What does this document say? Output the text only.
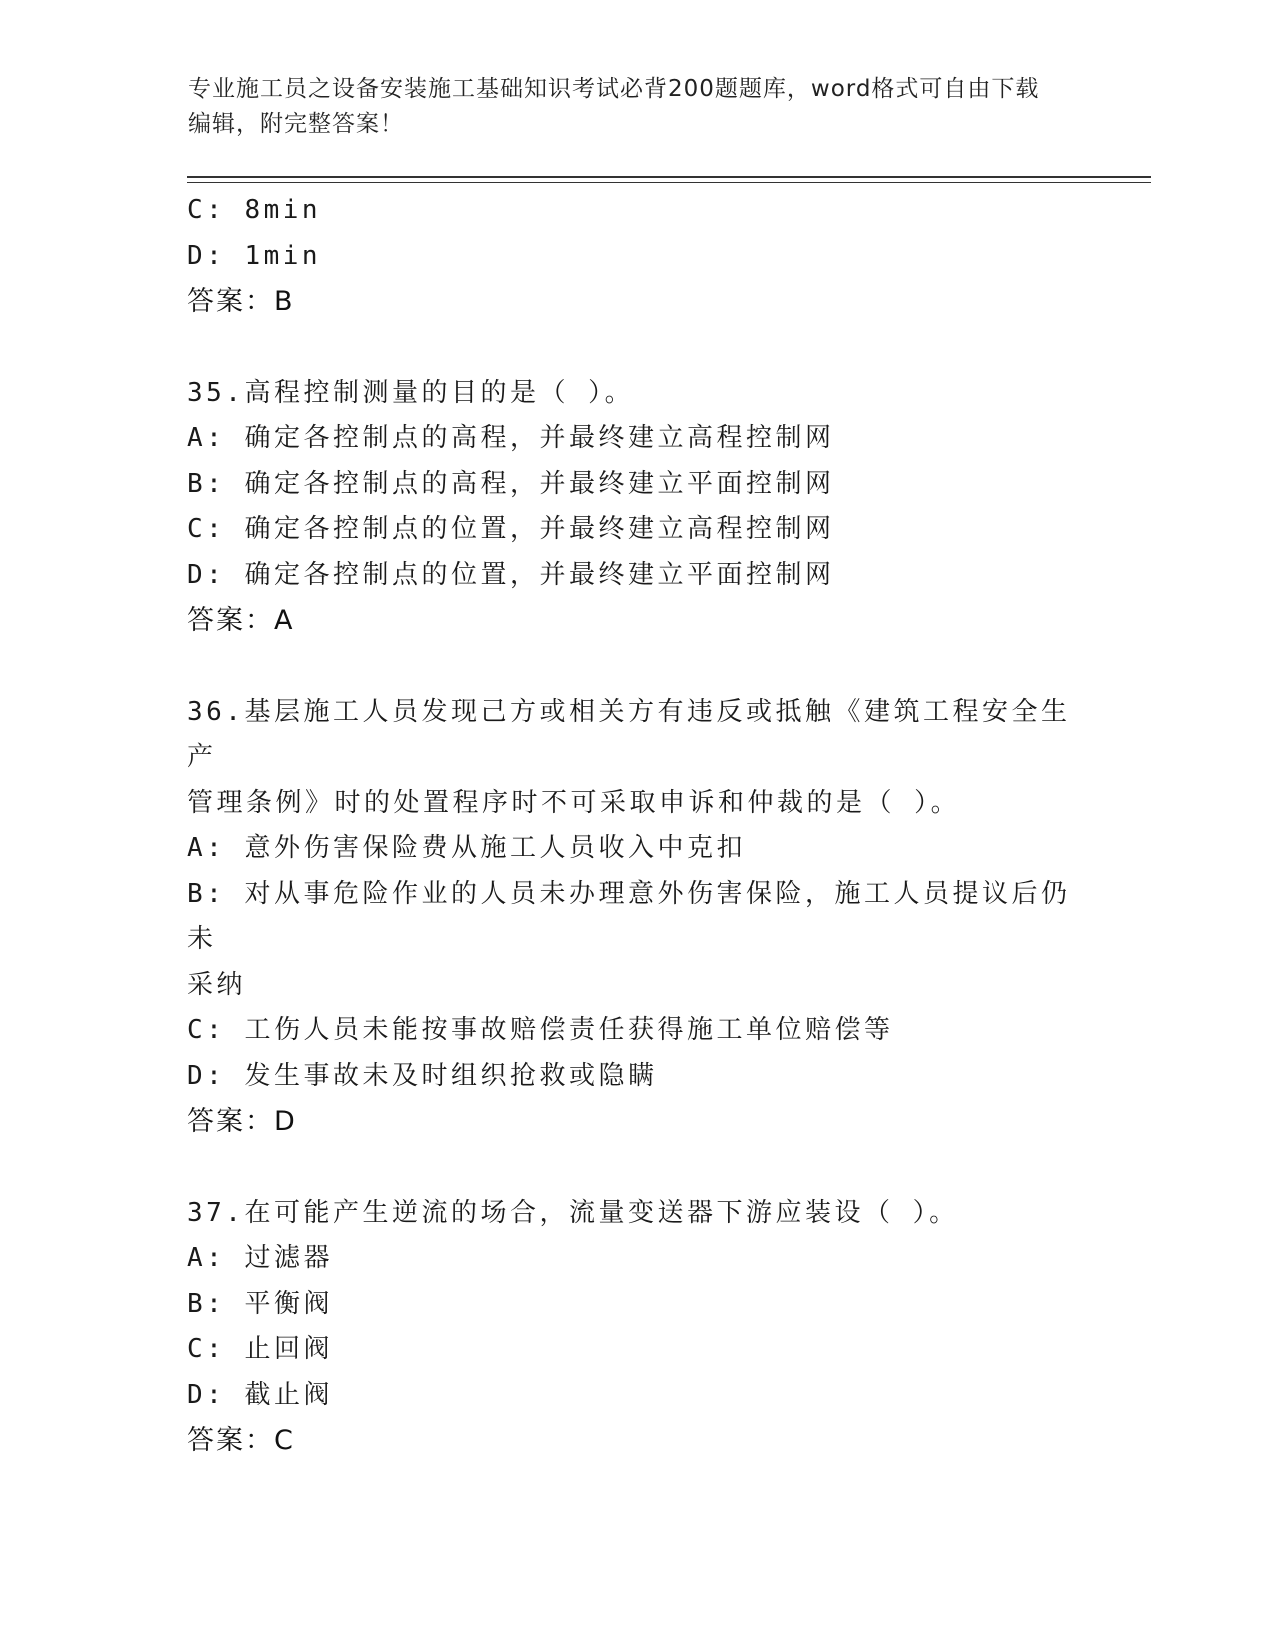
专业施工员之设备安装施工基础知识考试必背200题题库，word格式可自由下载
编辑，附完整答案！
C: 8min
D: 1min
答案：B
35.高程控制测量的目的是（ ）。
A: 确定各控制点的高程，并最终建立高程控制网
B: 确定各控制点的高程，并最终建立平面控制网
C: 确定各控制点的位置，并最终建立高程控制网
D: 确定各控制点的位置，并最终建立平面控制网
答案：A
36.基层施工人员发现己方或相关方有违反或抵触《建筑工程安全生产
管理条例》时的处置程序时不可采取申诉和仲裁的是（ ）。
A: 意外伤害保险费从施工人员收入中克扣
B: 对从事危险作业的人员未办理意外伤害保险，施工人员提议后仍未
采纳
C: 工伤人员未能按事故赔偿责任获得施工单位赔偿等
D: 发生事故未及时组织抢救或隐瞒
答案：D
37.在可能产生逆流的场合，流量变送器下游应装设（ ）。
A: 过滤器
B: 平衡阀
C: 止回阀
D: 截止阀
答案：C
